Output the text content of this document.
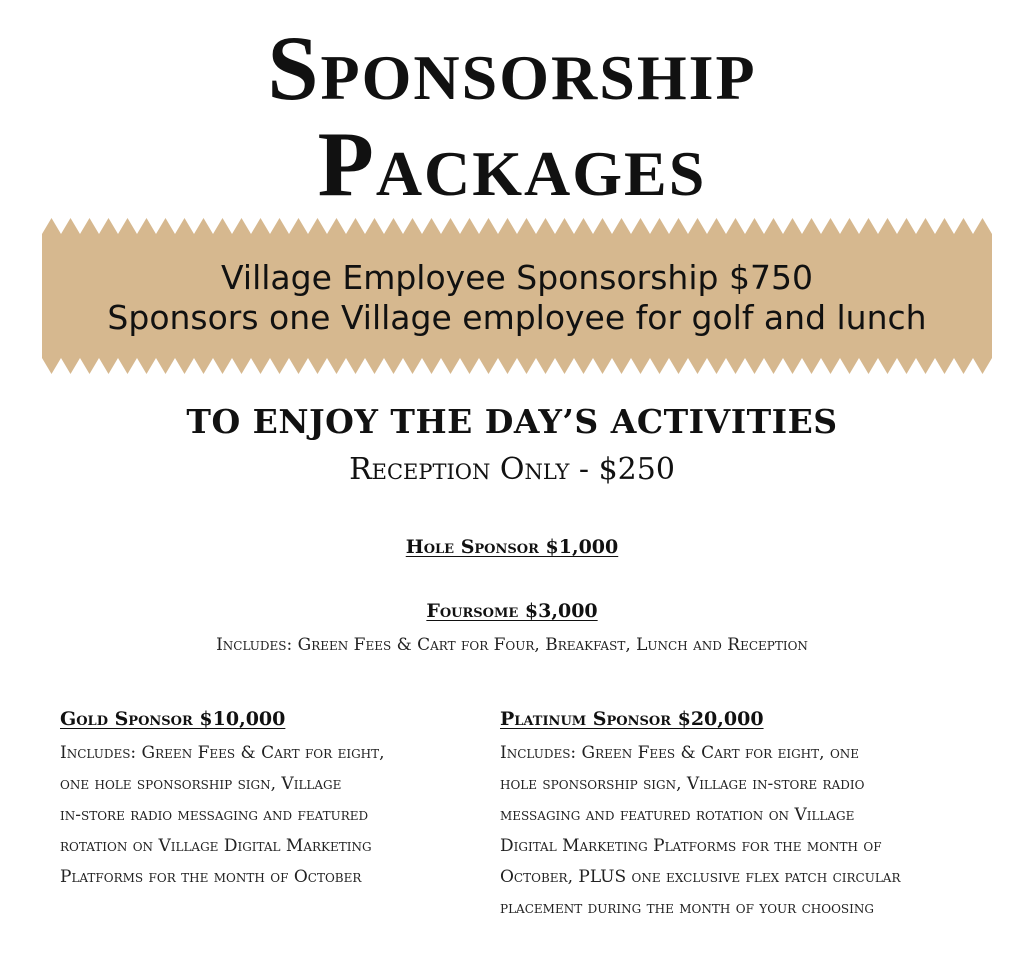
Sponsorship
Packages
Village Employee Sponsorship $750
Sponsors one Village employee for golf and lunch
TO ENJOY THE DAY’S ACTIVITIES
Reception Only - $250
Hole Sponsor $1,000
Foursome $3,000
Includes: Green Fees & Cart for Four, Breakfast, Lunch and Reception
Gold Sponsor $10,000
Includes: Green Fees & Cart for eight,
one hole sponsorship sign, Village
in-store radio messaging and featured
rotation on Village Digital Marketing
Platforms for the month of October
Platinum Sponsor $20,000
Includes: Green Fees & Cart for eight, one
hole sponsorship sign, Village in-store radio
messaging and featured rotation on Village
Digital Marketing Platforms for the month of
October, PLUS one exclusive flex patch circular
placement during the month of your choosing
